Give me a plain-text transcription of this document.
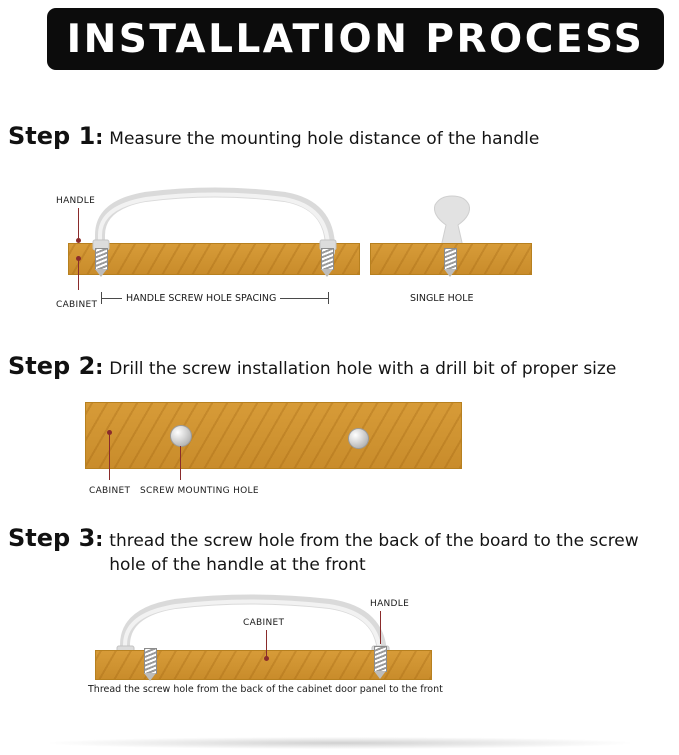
INSTALLATION PROCESS
Step 1 : Measure the mounting hole distance of the handle
HANDLE
CABINET
HANDLE SCREW HOLE SPACING	SINGLE HOLE
Step 2 : Drill the screw installation hole with a drill bit of proper size
CABINET SCREW MOUNTING HOLE
Step 3 : thread the screw hole from the back of the board to the screw hole of the handle at the front
CABINET
HANDLE
Thread the screw hole from the back of the cabinet door panel to the front
